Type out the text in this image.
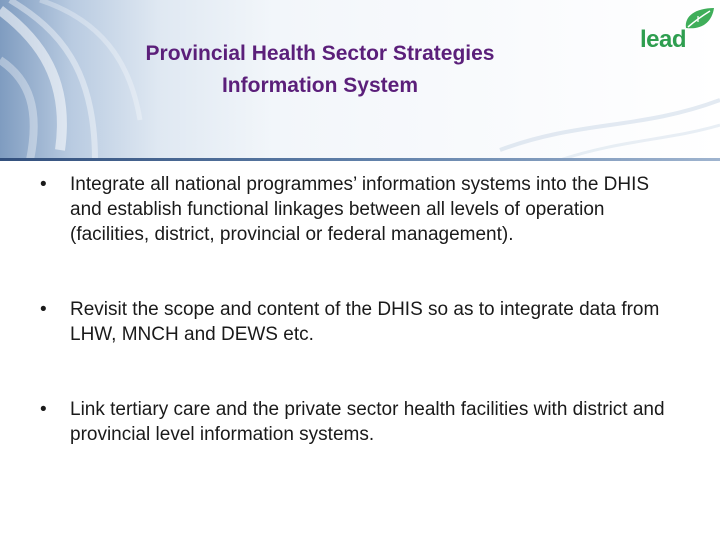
Provincial Health Sector Strategies
Information System
lead
•	Integrate all national programmes’ information systems into the DHIS and establish functional linkages between all levels of operation (facilities, district, provincial or federal management).
•	Revisit the scope and content of the DHIS so as to integrate data from LHW, MNCH and DEWS etc.
•	Link tertiary care and the private sector health facilities with district and provincial level information systems.
